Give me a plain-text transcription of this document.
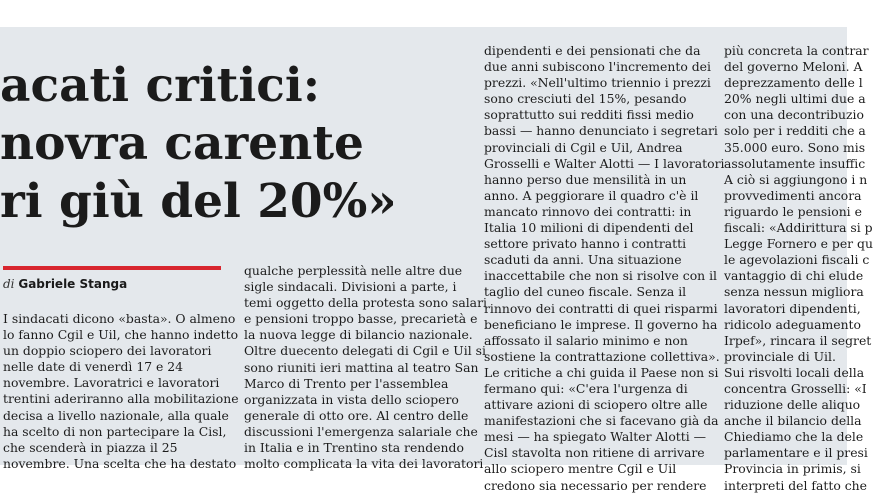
acati critici:
novra carente
ri giù del 20%»
di Gabriele Stanga
I sindacati dicono «basta». O almeno
lo fanno Cgil e Uil, che hanno indetto
un doppio sciopero dei lavoratori
nelle date di venerdì 17 e 24
novembre. Lavoratrici e lavoratori
trentini aderiranno alla mobilitazione
decisa a livello nazionale, alla quale
ha scelto di non partecipare la Cisl,
che scenderà in piazza il 25
novembre. Una scelta che ha destato
qualche perplessità nelle altre due
sigle sindacali. Divisioni a parte, i
temi oggetto della protesta sono salari
e pensioni troppo basse, precarietà e
la nuova legge di bilancio nazionale.
Oltre duecento delegati di Cgil e Uil si
sono riuniti ieri mattina al teatro San
Marco di Trento per l'assemblea
organizzata in vista dello sciopero
generale di otto ore. Al centro delle
discussioni l'emergenza salariale che
in Italia e in Trentino sta rendendo
molto complicata la vita dei lavoratori
dipendenti e dei pensionati che da
due anni subiscono l'incremento dei
prezzi. «Nell'ultimo triennio i prezzi
sono cresciuti del 15%, pesando
soprattutto sui redditi fissi medio
bassi — hanno denunciato i segretari
provinciali di Cgil e Uil, Andrea
Grosselli e Walter Alotti — I lavoratori
hanno perso due mensilità in un
anno. A peggiorare il quadro c'è il
mancato rinnovo dei contratti: in
Italia 10 milioni di dipendenti del
settore privato hanno i contratti
scaduti da anni. Una situazione
inaccettabile che non si risolve con il
taglio del cuneo fiscale. Senza il
rinnovo dei contratti di quei risparmi
beneficiano le imprese. Il governo ha
affossato il salario minimo e non
sostiene la contrattazione collettiva».
Le critiche a chi guida il Paese non si
fermano qui: «C'era l'urgenza di
attivare azioni di sciopero oltre alle
manifestazioni che si facevano già da
mesi — ha spiegato Walter Alotti —
Cisl stavolta non ritiene di arrivare
allo sciopero mentre Cgil e Uil
credono sia necessario per rendere
più concreta la contrar
del governo Meloni. A
deprezzamento delle l
20% negli ultimi due a
con una decontribuzio
solo per i redditi che a
35.000 euro. Sono mis
assolutamente insuffic
A ciò si aggiungono i n
provvedimenti ancora
riguardo le pensioni e
fiscali: «Addirittura si p
Legge Fornero e per qu
le agevolazioni fiscali c
vantaggio di chi elude
senza nessun migliora
lavoratori dipendenti,
ridicolo adeguamento
Irpef», rincara il segret
provinciale di Uil.
Sui risvolti locali della
concentra Grosselli: «I
riduzione delle aliquo
anche il bilancio della
Chiediamo che la dele
parlamentare e il presi
Provincia in primis, si
interpreti del fatto che
